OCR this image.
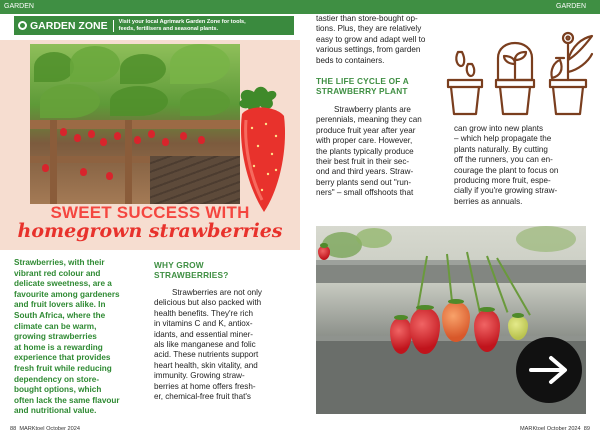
GARDEN
GARDEN ZONE Visit your local Agrimark Garden Zone for tools,
feeds, fertilisers and seasonal plants.
SWEET SUCCESS WITH
homegrown strawberries
Strawberries, with their
vibrant red colour and
delicate sweetness, are a
favourite among gardeners
and fruit lovers alike. In
South Africa, where the
climate can be warm,
growing strawberries
at home is a rewarding
experience that provides
fresh fruit while reducing
dependency on store-
bought options, which
often lack the same flavour
and nutritional value.
WHY GROW
STRAWBERRIES?
Strawberries are not only
delicious but also packed with
health benefits. They're rich
in vitamins C and K, antiox-
idants, and essential miner-
als like manganese and folic
acid. These nutrients support
heart health, skin vitality, and
immunity. Growing straw-
berries at home offers fresh-
er, chemical-free fruit that's
88 MARKtoel October 2024
GARDEN
tastier than store-bought op-
tions. Plus, they are relatively
easy to grow and adapt well to
various settings, from garden
beds to containers.
THE LIFE CYCLE OF A
STRAWBERRY PLANT
Strawberry plants are
perennials, meaning they can
produce fruit year after year
with proper care. However,
the plants typically produce
their best fruit in their sec-
ond and third years. Straw-
berry plants send out "run-
ners" – small offshoots that
can grow into new plants
– which help propagate the
plants naturally. By cutting
off the runners, you can en-
courage the plant to focus on
producing more fruit, espe-
cially if you're growing straw-
berries as annuals.
MARKtoel October 2024 89
